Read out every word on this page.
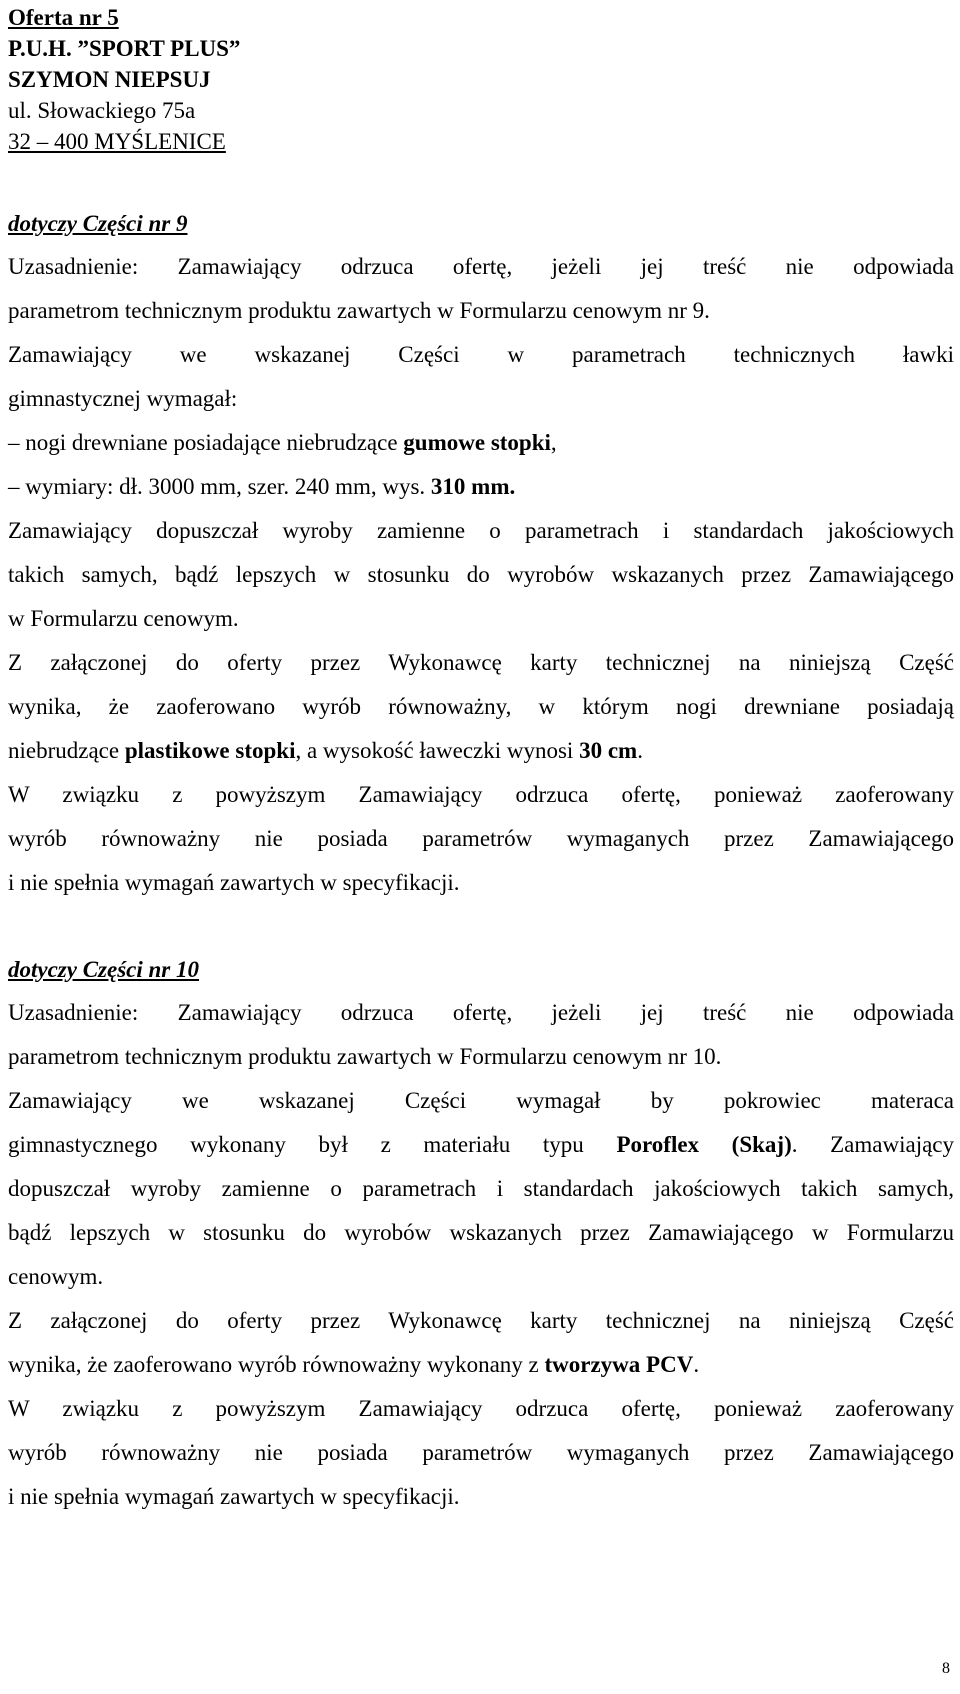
Oferta nr 5
P.U.H. ”SPORT PLUS”
SZYMON NIEPSUJ
ul. Słowackiego 75a
32 – 400 MYŚLENICE
dotyczy Części nr 9
Uzasadnienie: Zamawiający odrzuca ofertę, jeżeli jej treść nie odpowiada
parametrom technicznym produktu zawartych w Formularzu cenowym nr 9.
Zamawiający we wskazanej Części w parametrach technicznych ławki
gimnastycznej wymagał:
– nogi drewniane posiadające niebrudzące gumowe stopki,
– wymiary: dł. 3000 mm, szer. 240 mm, wys. 310 mm.
Zamawiający dopuszczał wyroby zamienne o parametrach i standardach jakościowych
takich samych, bądź lepszych w stosunku do wyrobów wskazanych przez Zamawiającego
w Formularzu cenowym.
Z załączonej do oferty przez Wykonawcę karty technicznej na niniejszą Część
wynika, że zaoferowano wyrób równoważny, w którym nogi drewniane posiadają
niebrudzące plastikowe stopki, a wysokość ławeczki wynosi 30 cm.
W związku z powyższym Zamawiający odrzuca ofertę, ponieważ zaoferowany
wyrób równoważny nie posiada parametrów wymaganych przez Zamawiającego
i nie spełnia wymagań zawartych w specyfikacji.
dotyczy Części nr 10
Uzasadnienie: Zamawiający odrzuca ofertę, jeżeli jej treść nie odpowiada
parametrom technicznym produktu zawartych w Formularzu cenowym nr 10.
Zamawiający we wskazanej Części wymagał by pokrowiec materaca
gimnastycznego wykonany był z materiału typu Poroflex (Skaj). Zamawiający
dopuszczał wyroby zamienne o parametrach i standardach jakościowych takich samych,
bądź lepszych w stosunku do wyrobów wskazanych przez Zamawiającego w Formularzu
cenowym.
Z załączonej do oferty przez Wykonawcę karty technicznej na niniejszą Część
wynika, że zaoferowano wyrób równoważny wykonany z tworzywa PCV.
W związku z powyższym Zamawiający odrzuca ofertę, ponieważ zaoferowany
wyrób równoważny nie posiada parametrów wymaganych przez Zamawiającego
i nie spełnia wymagań zawartych w specyfikacji.
8
